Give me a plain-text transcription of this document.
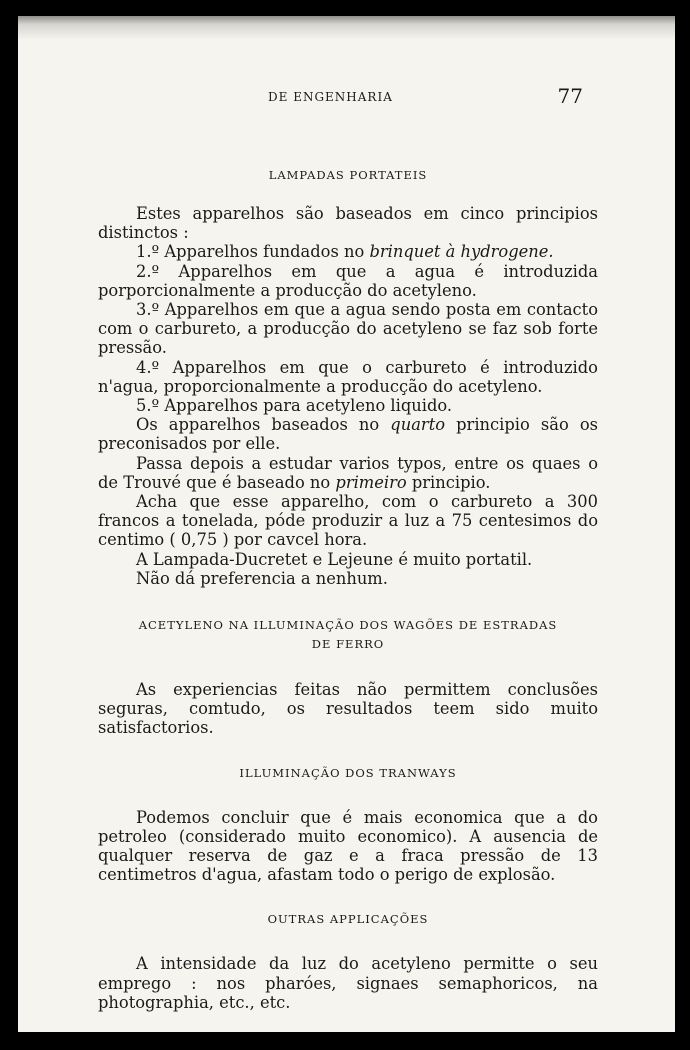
DE ENGENHARIA	77
LAMPADAS PORTATEIS

Estes apparelhos são baseados em cinco principios distinctos :

1.º Apparelhos fundados no brinquet à hydrogene.

2.º Apparelhos em que a agua é introduzida porporcionalmente a producção do acetyleno.

3.º Apparelhos em que a agua sendo posta em contacto com o carbureto, a producção do acetyleno se faz sob forte pressão.

4.º Apparelhos em que o carbureto é introduzido n'agua, proporcionalmente a producção do acetyleno.

5.º Apparelhos para acetyleno liquido.

Os apparelhos baseados no quarto principio são os preconisados por elle.

Passa depois a estudar varios typos, entre os quaes o de Trouvé que é baseado no primeiro principio.

Acha que esse apparelho, com o carbureto a 300 francos a tonelada, póde produzir a luz a 75 centesimos do centimo ( 0,75 ) por cavcel hora.

A Lampada-Ducretet e Lejeune é muito portatil.

Não dá preferencia a nenhum.

ACETYLENO NA ILLUMINAÇÃO DOS WAGÕES DE ESTRADAS
DE FERRO

As experiencias feitas não permittem conclusões seguras, comtudo, os resultados teem sido muito satisfactorios.

ILLUMINAÇÃO DOS TRANWAYS

Podemos concluir que é mais economica que a do petroleo (considerado muito economico). A ausencia de qualquer reserva de gaz e a fraca pressão de 13 centimetros d'agua, afastam todo o perigo de explosão.

OUTRAS APPLICAÇÕES

A intensidade da luz do acetyleno permitte o seu emprego : nos pharóes, signaes semaphoricos, na photographia, etc., etc.
